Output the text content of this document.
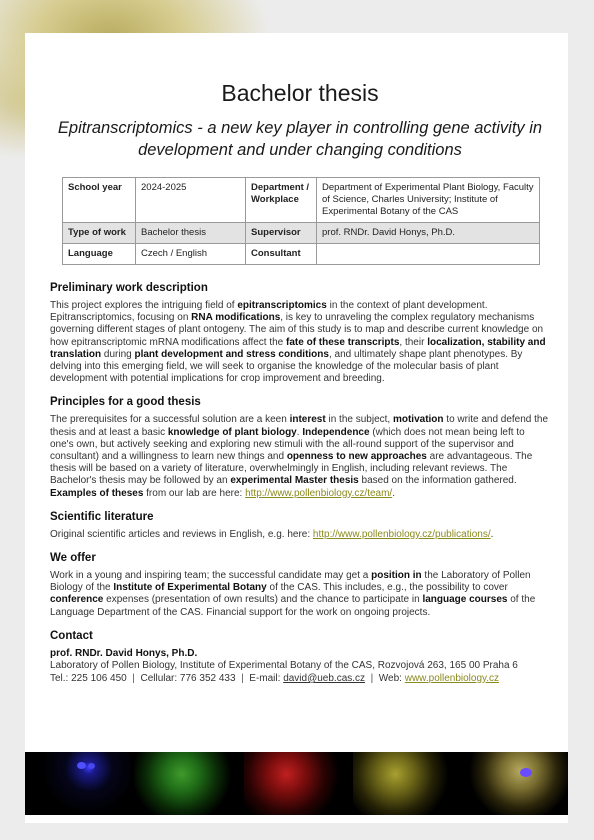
Bachelor thesis
Epitranscriptomics - a new key player in controlling gene activity in development and under changing conditions
School year	2024-2025	Department / Workplace	Department of Experimental Plant Biology, Faculty of Science, Charles University; Institute of Experimental Botany of the CAS
Type of work	Bachelor thesis	Supervisor	prof. RNDr. David Honys, Ph.D.
Language	Czech / English	Consultant	
Preliminary work description

This project explores the intriguing field of epitranscriptomics in the context of plant development. Epitranscriptomics, focusing on RNA modifications, is key to unraveling the complex regulatory mechanisms governing different stages of plant ontogeny. The aim of this study is to map and describe current knowledge on how epitranscriptomic mRNA modifications affect the fate of these transcripts, their localization, stability and translation during plant development and stress conditions, and ultimately shape plant phenotypes. By delving into this emerging field, we will seek to organise the knowledge of the molecular basis of plant development with potential implications for crop improvement and breeding.

Principles for a good thesis

The prerequisites for a successful solution are a keen interest in the subject, motivation to write and defend the thesis and at least a basic knowledge of plant biology. Independence (which does not mean being left to one's own, but actively seeking and exploring new stimuli with the all-round support of the supervisor and consultant) and a willingness to learn new things and openness to new approaches are advantageous. The thesis will be based on a variety of literature, overwhelmingly in English, including relevant reviews. The Bachelor's thesis may be followed by an experimental Master thesis based on the information gathered. Examples of theses from our lab are here: http://www.pollenbiology.cz/team/.

Scientific literature

Original scientific articles and reviews in English, e.g. here: http://www.pollenbiology.cz/publications/.

We offer

Work in a young and inspiring team; the successful candidate may get a position in the Laboratory of Pollen Biology of the Institute of Experimental Botany of the CAS. This includes, e.g., the possibility to cover conference expenses (presentation of own results) and the chance to participate in language courses of the Language Department of the CAS. Financial support for the work on ongoing projects.

Contact

prof. RNDr. David Honys, Ph.D.

Laboratory of Pollen Biology, Institute of Experimental Botany of the CAS, Rozvojová 263, 165 00 Praha 6

Tel.: 225 106 450 | Cellular: 776 352 433 | E-mail: david@ueb.cas.cz | Web: www.pollenbiology.cz
